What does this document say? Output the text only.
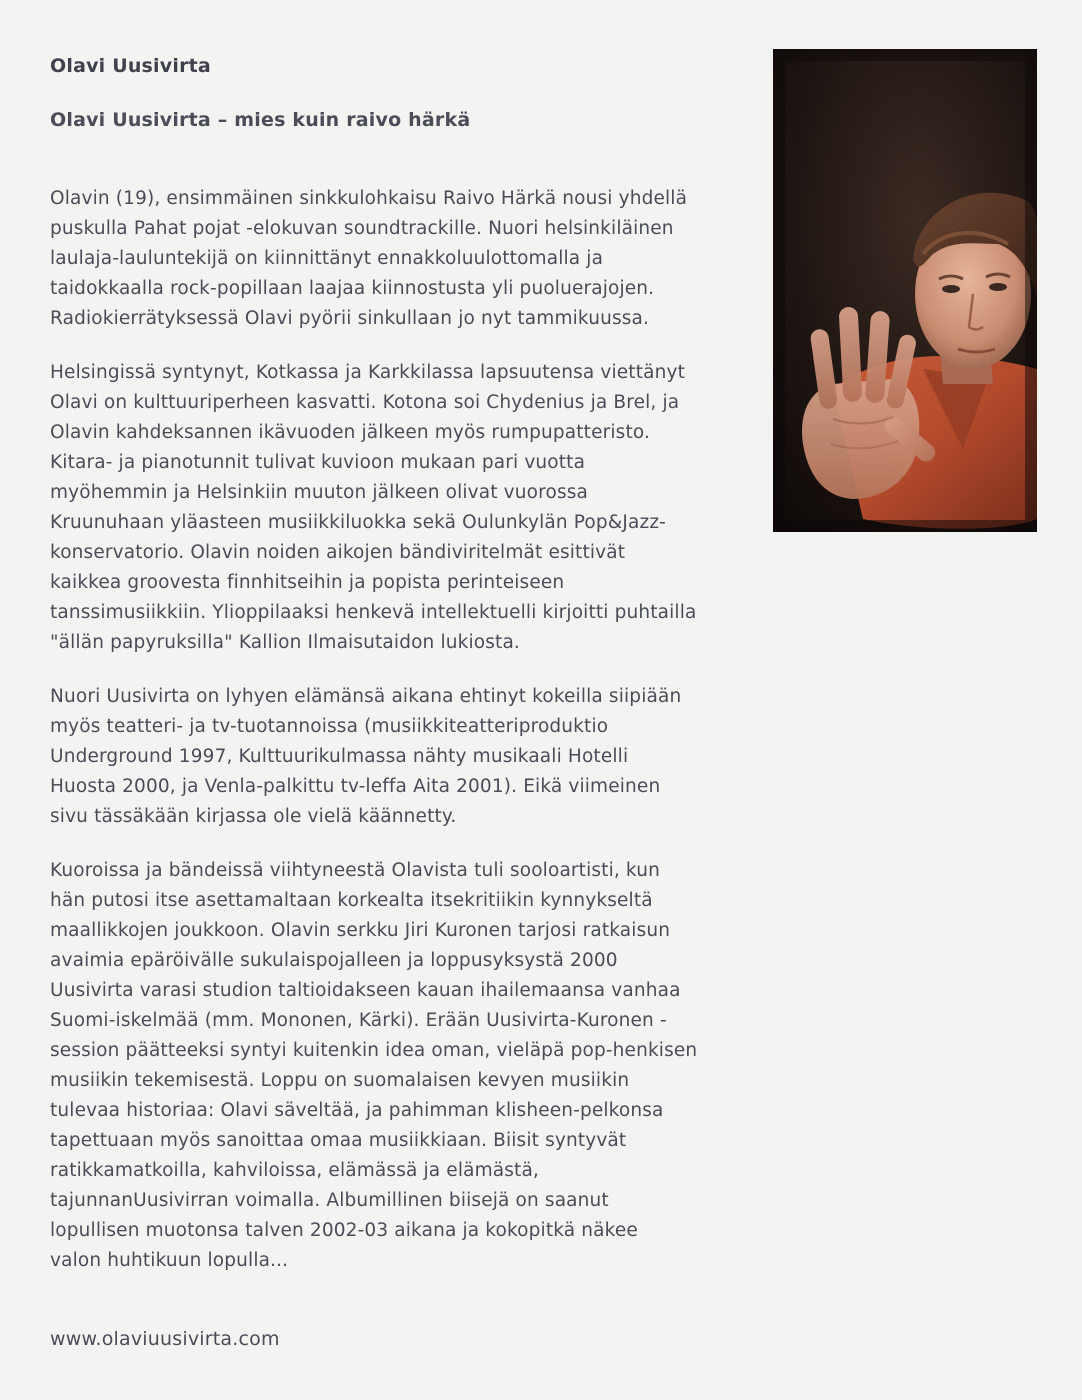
Olavi Uusivirta
Olavi Uusivirta – mies kuin raivo härkä

Olavin (19), ensimmäinen sinkkulohkaisu Raivo Härkä nousi yhdellä
puskulla Pahat pojat -elokuvan soundtrackille. Nuori helsinkiläinen
laulaja-lauluntekijä on kiinnittänyt ennakkoluulottomalla ja
taidokkaalla rock-popillaan laajaa kiinnostusta yli puoluerajojen.
Radiokierrätyksessä Olavi pyörii sinkullaan jo nyt tammikuussa.

Helsingissä syntynyt, Kotkassa ja Karkkilassa lapsuutensa viettänyt
Olavi on kulttuuriperheen kasvatti. Kotona soi Chydenius ja Brel, ja
Olavin kahdeksannen ikävuoden jälkeen myös rumpupatteristo.
Kitara- ja pianotunnit tulivat kuvioon mukaan pari vuotta
myöhemmin ja Helsinkiin muuton jälkeen olivat vuorossa
Kruunuhaan yläasteen musiikkiluokka sekä Oulunkylän Pop&Jazz-
konservatorio. Olavin noiden aikojen bändiviritelmät esittivät
kaikkea groovesta finnhitseihin ja popista perinteiseen
tanssimusiikkiin. Ylioppilaaksi henkevä intellektuelli kirjoitti puhtailla
"ällän papyruksilla" Kallion Ilmaisutaidon lukiosta.

Nuori Uusivirta on lyhyen elämänsä aikana ehtinyt kokeilla siipiään
myös teatteri- ja tv-tuotannoissa (musiikkiteatteriproduktio
Underground 1997, Kulttuurikulmassa nähty musikaali Hotelli
Huosta 2000, ja Venla-palkittu tv-leffa Aita 2001). Eikä viimeinen
sivu tässäkään kirjassa ole vielä käännetty.

Kuoroissa ja bändeissä viihtyneestä Olavista tuli sooloartisti, kun
hän putosi itse asettamaltaan korkealta itsekritiikin kynnykseltä
maallikkojen joukkoon. Olavin serkku Jiri Kuronen tarjosi ratkaisun
avaimia epäröivälle sukulaispojalleen ja loppusyksystä 2000
Uusivirta varasi studion taltioidakseen kauan ihailemaansa vanhaa
Suomi-iskelmää (mm. Mononen, Kärki). Erään Uusivirta-Kuronen -
session päätteeksi syntyi kuitenkin idea oman, vieläpä pop-henkisen
musiikin tekemisestä. Loppu on suomalaisen kevyen musiikin
tulevaa historiaa: Olavi säveltää, ja pahimman klisheen-pelkonsa
tapettuaan myös sanoittaa omaa musiikkiaan. Biisit syntyvät
ratikkamatkoilla, kahviloissa, elämässä ja elämästä,
tajunnanUusivirran voimalla. Albumillinen biisejä on saanut
lopullisen muotonsa talven 2002-03 aikana ja kokopitkä näkee
valon huhtikuun lopulla...

www.olaviuusivirta.com
